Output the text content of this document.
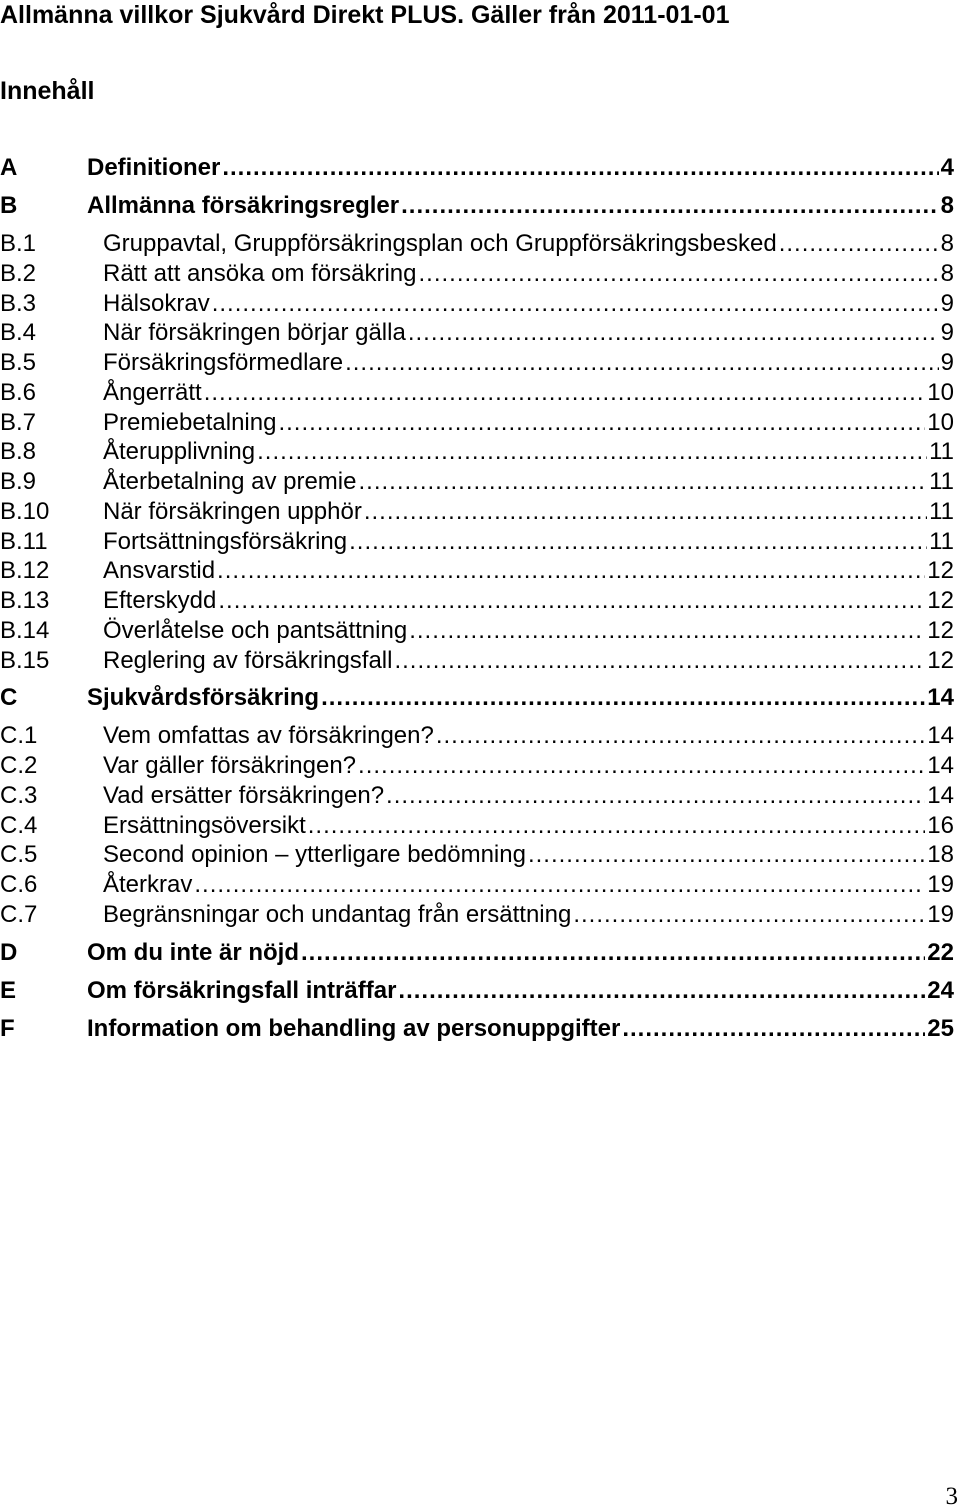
Allmänna villkor Sjukvård Direkt PLUS. Gäller från 2011-01-01
Innehåll
A	Definitioner .....	4
B	Allmänna försäkringsregler .....	8
B.1	Gruppavtal, Gruppförsäkringsplan och Gruppförsäkringsbesked .....	8
B.2	Rätt att ansöka om försäkring .....	8
B.3	Hälsokrav .....	9
B.4	När försäkringen börjar gälla .....	9
B.5	Försäkringsförmedlare .....	9
B.6	Ångerrätt .....	10
B.7	Premiebetalning .....	10
B.8	Återupplivning .....	11
B.9	Återbetalning av premie .....	11
B.10 När försäkringen upphör .....	11
B.11 Fortsättningsförsäkring .....	11
B.12 Ansvarstid .....	12
B.13 Efterskydd .....	12
B.14 Överlåtelse och pantsättning .....	12
B.15 Reglering av försäkringsfall .....	12
C	Sjukvårdsförsäkring .....	14
C.1	Vem omfattas av försäkringen? .....	14
C.2	Var gäller försäkringen? .....	14
C.3	Vad ersätter försäkringen? .....	14
C.4	Ersättningsöversikt .....	16
C.5	Second opinion – ytterligare bedömning .....	18
C.6	Återkrav .....	19
C.7	Begränsningar och undantag från ersättning .....	19
D	Om du inte är nöjd .....	22
E	Om försäkringsfall inträffar .....	24
F	Information om behandling av personuppgifter .....	25
3
